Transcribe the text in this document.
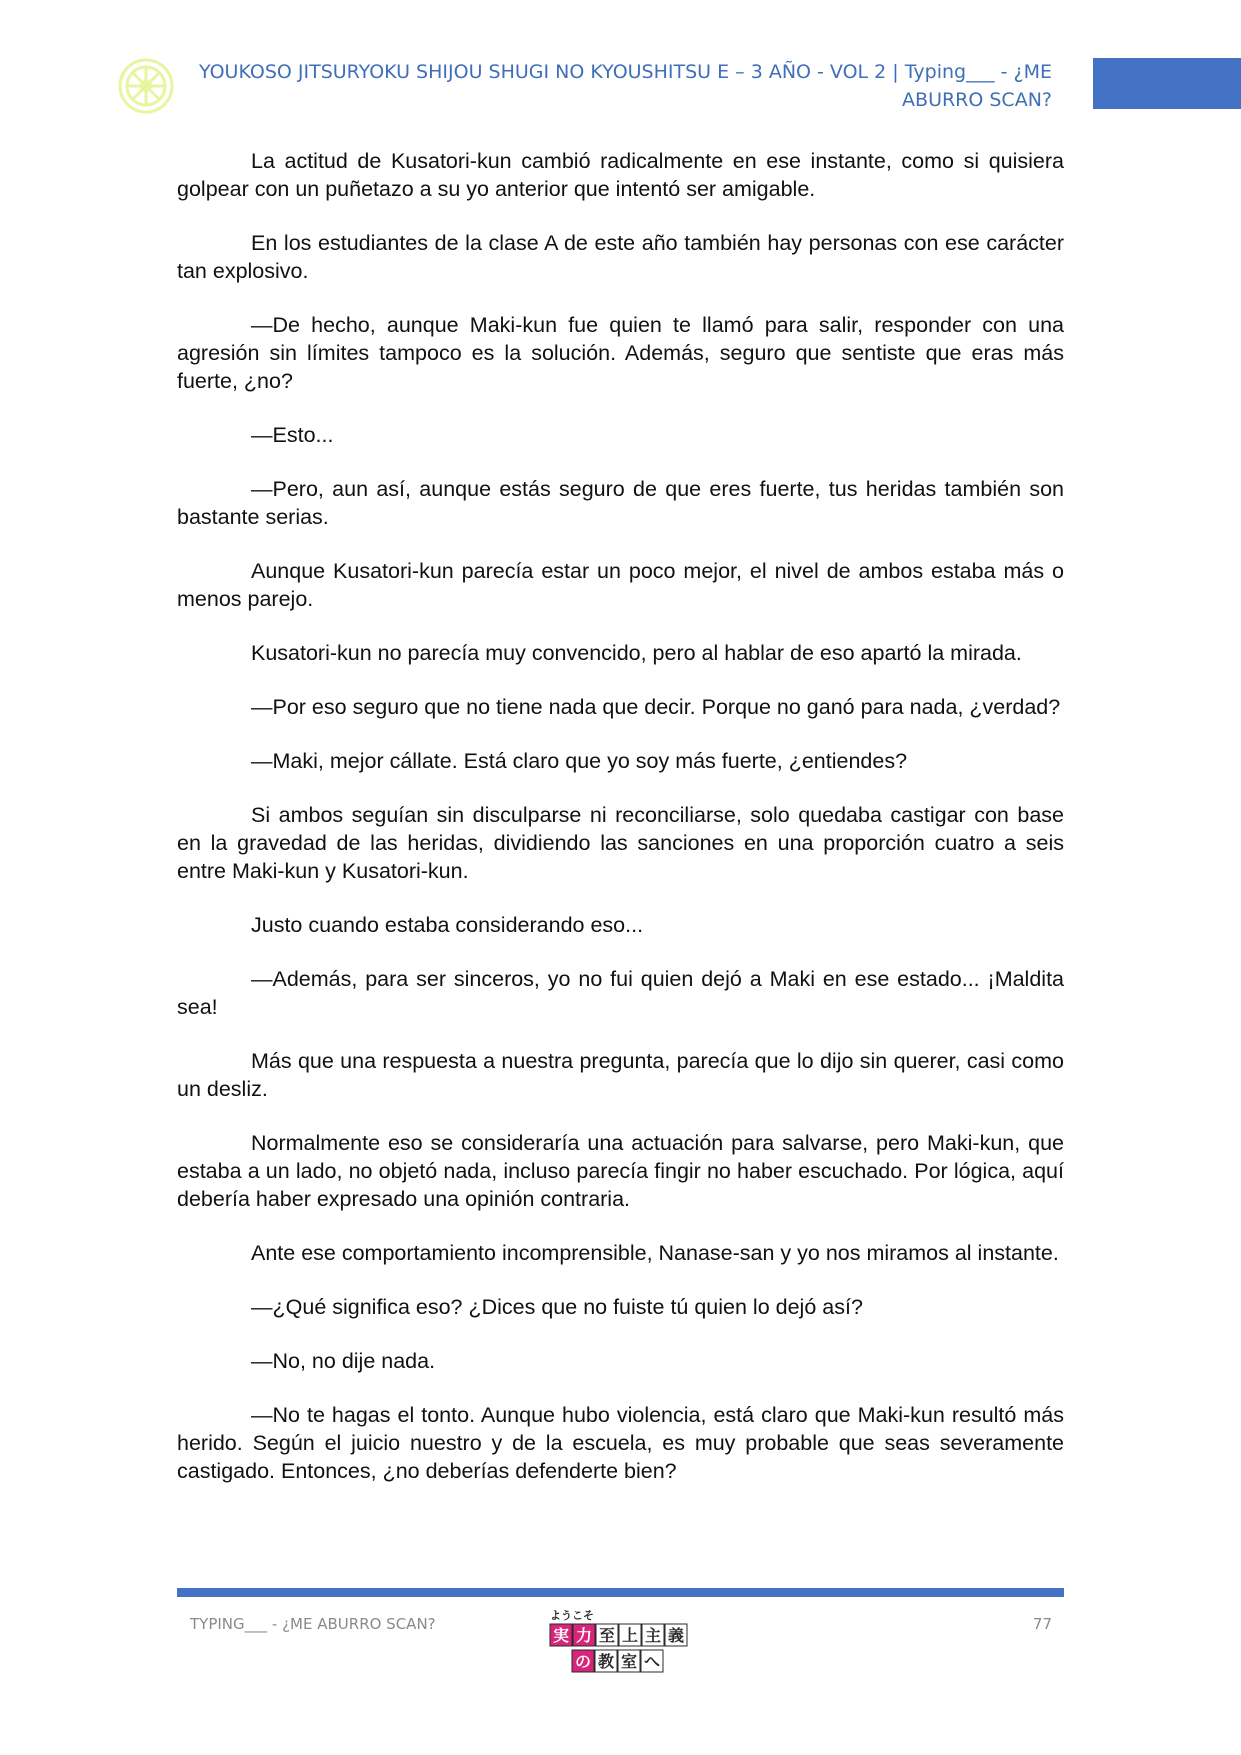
YOUKOSO JITSURYOKU SHIJOU SHUGI NO KYOUSHITSU E – 3 AÑO - VOL 2 | Typing___ - ¿ME ABURRO SCAN?

La actitud de Kusatori-kun cambió radicalmente en ese instante, como si quisiera golpear con un puñetazo a su yo anterior que intentó ser amigable.

En los estudiantes de la clase A de este año también hay personas con ese carácter tan explosivo.

—De hecho, aunque Maki-kun fue quien te llamó para salir, responder con una agresión sin límites tampoco es la solución. Además, seguro que sentiste que eras más fuerte, ¿no?

—Esto...

—Pero, aun así, aunque estás seguro de que eres fuerte, tus heridas también son bastante serias.

Aunque Kusatori-kun parecía estar un poco mejor, el nivel de ambos estaba más o menos parejo.

Kusatori-kun no parecía muy convencido, pero al hablar de eso apartó la mirada.

—Por eso seguro que no tiene nada que decir. Porque no ganó para nada, ¿verdad?

—Maki, mejor cállate. Está claro que yo soy más fuerte, ¿entiendes?

Si ambos seguían sin disculparse ni reconciliarse, solo quedaba castigar con base en la gravedad de las heridas, dividiendo las sanciones en una proporción cuatro a seis entre Maki-kun y Kusatori-kun.

Justo cuando estaba considerando eso...

—Además, para ser sinceros, yo no fui quien dejó a Maki en ese estado... ¡Maldita sea!

Más que una respuesta a nuestra pregunta, parecía que lo dijo sin querer, casi como un desliz.

Normalmente eso se consideraría una actuación para salvarse, pero Maki-kun, que estaba a un lado, no objetó nada, incluso parecía fingir no haber escuchado. Por lógica, aquí debería haber expresado una opinión contraria.

Ante ese comportamiento incomprensible, Nanase-san y yo nos miramos al instante.

—¿Qué significa eso? ¿Dices que no fuiste tú quien lo dejó así?

—No, no dije nada.

—No te hagas el tonto. Aunque hubo violencia, está claro que Maki-kun resultó más herido. Según el juicio nuestro y de la escuela, es muy probable que seas severamente castigado. Entonces, ¿no deberías defenderte bien?

TYPING___ - ¿ME ABURRO SCAN?	77
ようこそ
実 力 至 上 主 義
の 教 室 へ
